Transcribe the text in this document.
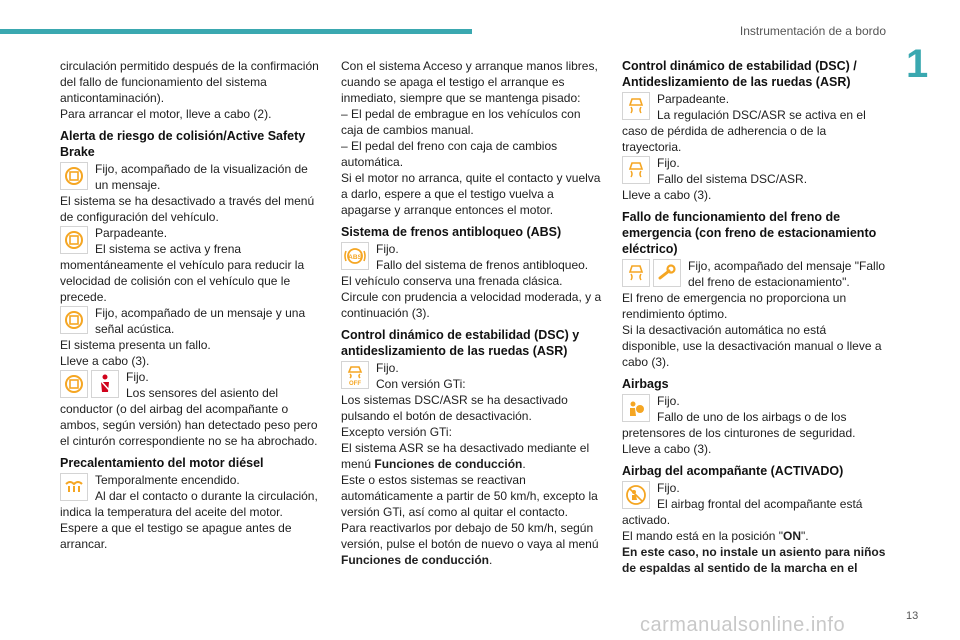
Instrumentación de a bordo
1
13
carmanualsonline.info

circulación permitido después de la confirmación del fallo de funcionamiento del sistema anticontaminación).

Para arrancar el motor, lleve a cabo (2).

Alerta de riesgo de colisión/Active Safety Brake

Fijo, acompañado de la visualización de un mensaje.

El sistema se ha desactivado a través del menú de configuración del vehículo.

Parpadeante.

El sistema se activa y frena momentáneamente el vehículo para reducir la velocidad de colisión con el vehículo que le precede.

Fijo, acompañado de un mensaje y una señal acústica.

El sistema presenta un fallo.

Lleve a cabo (3).

Fijo.

Los sensores del asiento del conductor (o del airbag del acompañante o ambos, según versión) han detectado peso pero el cinturón correspondiente no se ha abrochado.

Precalentamiento del motor diésel

Temporalmente encendido.

Al dar el contacto o durante la circulación, indica la temperatura del aceite del motor.

Espere a que el testigo se apague antes de arrancar.

Con el sistema Acceso y arranque manos libres, cuando se apaga el testigo el arranque es inmediato, siempre que se mantenga pisado:

– El pedal de embrague en los vehículos con caja de cambios manual.

– El pedal del freno con caja de cambios automática.

Si el motor no arranca, quite el contacto y vuelva a darlo, espere a que el testigo vuelva a apagarse y arranque entonces el motor.

Sistema de frenos antibloqueo (ABS)
ABS

Fijo.

Fallo del sistema de frenos antibloqueo.

El vehículo conserva una frenada clásica.

Circule con prudencia a velocidad moderada, y a continuación (3).

Control dinámico de estabilidad (DSC) y antideslizamiento de las ruedas (ASR)
OFF

Fijo.

Con versión GTi:

Los sistemas DSC/ASR se ha desactivado pulsando el botón de desactivación.

Excepto versión GTi:

El sistema ASR se ha desactivado mediante el menú Funciones de conducción.

Este o estos sistemas se reactivan automáticamente a partir de 50 km/h, excepto la versión GTi, así como al quitar el contacto.

Para reactivarlos por debajo de 50 km/h, según versión, pulse el botón de nuevo o vaya al menú Funciones de conducción.

Control dinámico de estabilidad (DSC) / Antideslizamiento de las ruedas (ASR)

Parpadeante.

La regulación DSC/ASR se activa en el caso de pérdida de adherencia o de la trayectoria.

Fijo.

Fallo del sistema DSC/ASR.

Lleve a cabo (3).

Fallo de funcionamiento del freno de emergencia (con freno de estacionamiento eléctrico)

Fijo, acompañado del mensaje "Fallo del freno de estacionamiento".

El freno de emergencia no proporciona un rendimiento óptimo.

Si la desactivación automática no está disponible, use la desactivación manual o lleve a cabo (3).

Airbags

Fijo.

Fallo de uno de los airbags o de los pretensores de los cinturones de seguridad.

Lleve a cabo (3).

Airbag del acompañante (ACTIVADO)

Fijo.

El airbag frontal del acompañante está activado.

El mando está en la posición "ON".

En este caso, no instale un asiento para niños de espaldas al sentido de la marcha en el
